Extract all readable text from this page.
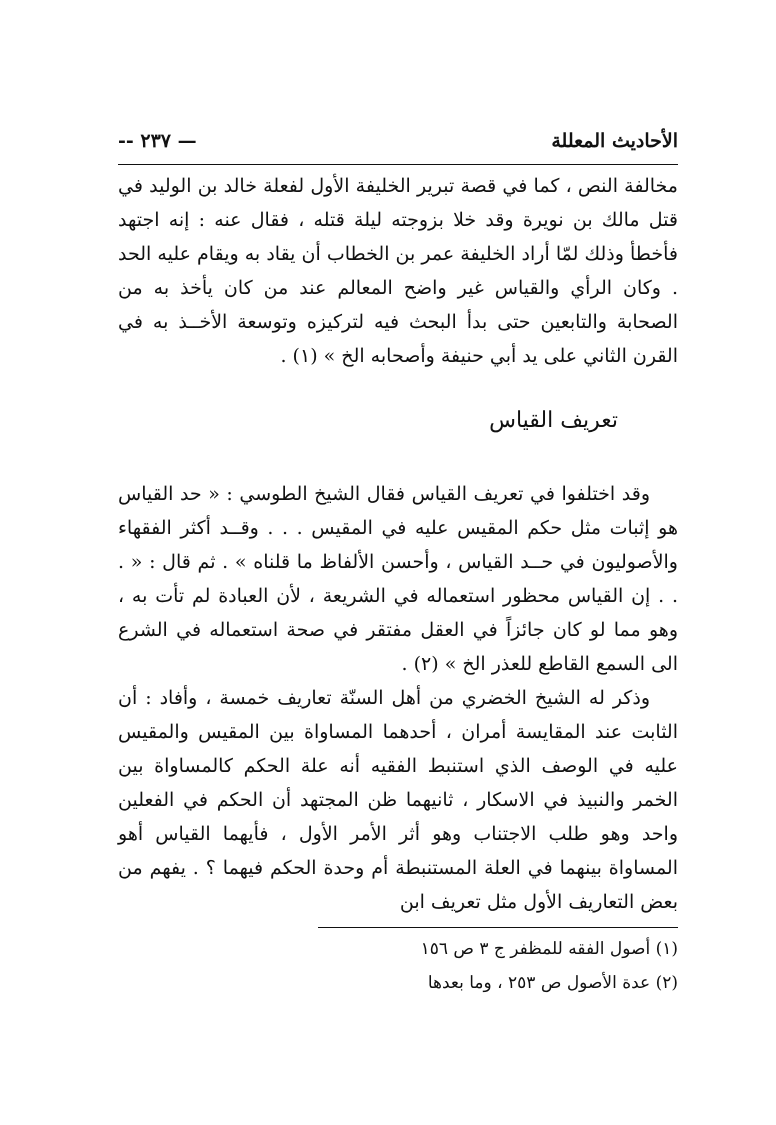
الأحاديث المعللة
— ٢٣٧ --

مخالفة النص ، كما في قصة تبرير الخليفة الأول لفعلة خالد بن الوليد في قتل مالك بن نويرة وقد خلا بزوجته ليلة قتله ، فقال عنه : إنه اجتهد فأخطأ وذلك لمّا أراد الخليفة عمر بن الخطاب أن يقاد به ويقام عليه الحد . وكان الرأي والقياس غير واضح المعالم عند من كان يأخذ به من الصحابة والتابعين حتى بدأ البحث فيه لتركيزه وتوسعة الأخــذ به في القرن الثاني على يد أبي حنيفة وأصحابه الخ » (١) .

تعريف القياس

وقد اختلفوا في تعريف القياس فقال الشيخ الطوسي : « حد القياس هو إثبات مثل حكم المقيس عليه في المقيس . . . وقــد أكثر الفقهاء والأصوليون في حــد القياس ، وأحسن الألفاظ ما قلناه » . ثم قال : « . . . إن القياس محظور استعماله في الشريعة ، لأن العبادة لم تأت به ، وهو مما لو كان جائزاً في العقل مفتقر في صحة استعماله في الشرع الى السمع القاطع للعذر الخ » (٢) .

وذكر له الشيخ الخضري من أهل السنّة تعاريف خمسة ، وأفاد : أن الثابت عند المقايسة أمران ، أحدهما المساواة بين المقيس والمقيس عليه في الوصف الذي استنبط الفقيه أنه علة الحكم كالمساواة بين الخمر والنبيذ في الاسكار ، ثانيهما ظن المجتهد أن الحكم في الفعلين واحد وهو طلب الاجتناب وهو أثر الأمر الأول ، فأيهما القياس أهو المساواة بينهما في العلة المستنبطة أم وحدة الحكم فيهما ؟ . يفهم من بعض التعاريف الأول مثل تعريف ابن

(١) أصول الفقه للمظفر ج ٣ ص ١٥٦

(٢) عدة الأصول ص ٢٥٣ ، وما بعدها
